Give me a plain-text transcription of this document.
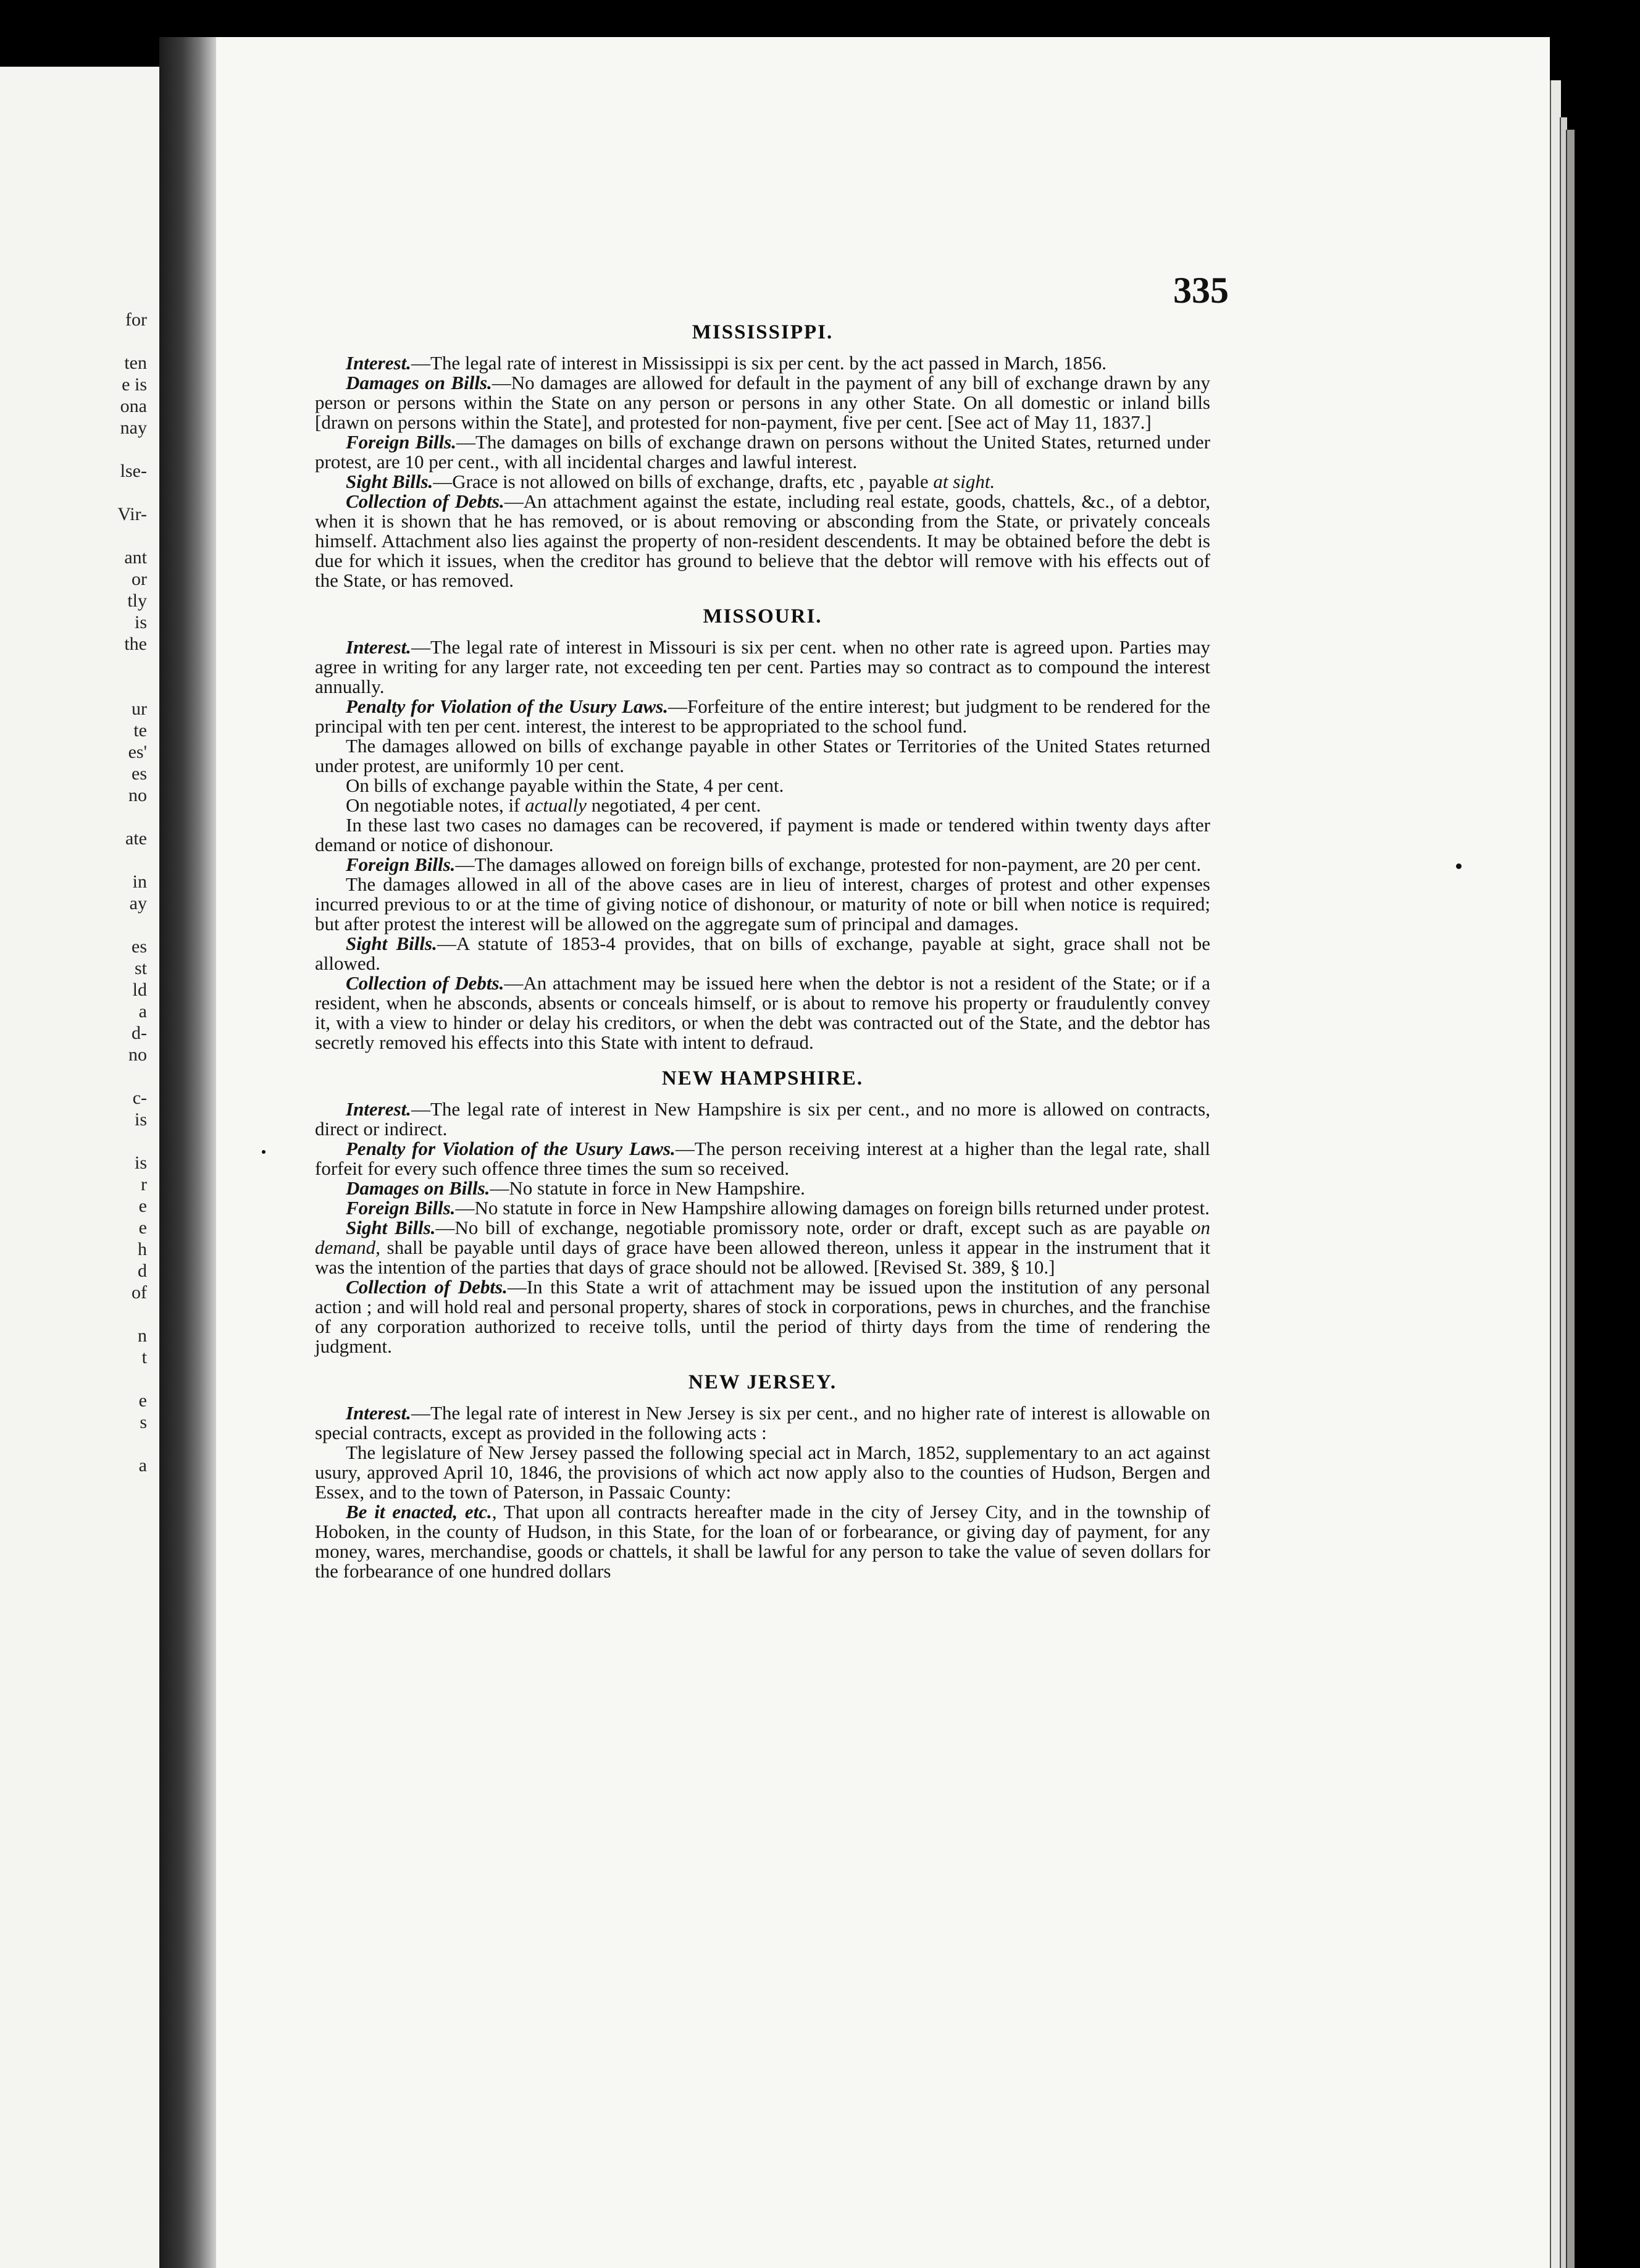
for
ten
e is
ona
nay
lse-
Vir-
ant
or
tly
is
the
ur
te
es'
es
no
ate
in
ay
es
st
ld
a
d-
no
c-
is
is
r
e
e
h
d
of
n
t
e
s
a
335
MISSISSIPPI.

Interest.—The legal rate of interest in Mississippi is six per cent. by the act passed in March, 1856.

Damages on Bills.—No damages are allowed for default in the payment of any bill of exchange drawn by any person or persons within the State on any person or persons in any other State. On all domestic or inland bills [drawn on persons within the State], and protested for non-payment, five per cent. [See act of May 11, 1837.]

Foreign Bills.—The damages on bills of exchange drawn on persons without the United States, returned under protest, are 10 per cent., with all incidental charges and lawful interest.

Sight Bills.—Grace is not allowed on bills of exchange, drafts, etc , payable at sight.

Collection of Debts.—An attachment against the estate, including real estate, goods, chattels, &c., of a debtor, when it is shown that he has removed, or is about removing or absconding from the State, or privately conceals himself. Attachment also lies against the property of non-resident descendents. It may be obtained before the debt is due for which it issues, when the creditor has ground to believe that the debtor will remove with his effects out of the State, or has removed.

MISSOURI.

Interest.—The legal rate of interest in Missouri is six per cent. when no other rate is agreed upon. Parties may agree in writing for any larger rate, not exceeding ten per cent. Parties may so contract as to compound the interest annually.

Penalty for Violation of the Usury Laws.—Forfeiture of the entire interest; but judgment to be rendered for the principal with ten per cent. interest, the interest to be appropriated to the school fund.

The damages allowed on bills of exchange payable in other States or Territories of the United States returned under protest, are uniformly 10 per cent.

On bills of exchange payable within the State, 4 per cent.

On negotiable notes, if actually negotiated, 4 per cent.

In these last two cases no damages can be recovered, if payment is made or tendered within twenty days after demand or notice of dishonour.

Foreign Bills.—The damages allowed on foreign bills of exchange, protested for non-payment, are 20 per cent.

The damages allowed in all of the above cases are in lieu of interest, charges of protest and other expenses incurred previous to or at the time of giving notice of dishonour, or maturity of note or bill when notice is required; but after protest the interest will be allowed on the aggregate sum of principal and damages.

Sight Bills.—A statute of 1853-4 provides, that on bills of exchange, payable at sight, grace shall not be allowed.

Collection of Debts.—An attachment may be issued here when the debtor is not a resident of the State; or if a resident, when he absconds, absents or conceals himself, or is about to remove his property or fraudulently convey it, with a view to hinder or delay his creditors, or when the debt was contracted out of the State, and the debtor has secretly removed his effects into this State with intent to defraud.

NEW HAMPSHIRE.

Interest.—The legal rate of interest in New Hampshire is six per cent., and no more is allowed on contracts, direct or indirect.

Penalty for Violation of the Usury Laws.—The person receiving interest at a higher than the legal rate, shall forfeit for every such offence three times the sum so received.

Damages on Bills.—No statute in force in New Hampshire.

Foreign Bills.—No statute in force in New Hampshire allowing damages on foreign bills returned under protest.

Sight Bills.—No bill of exchange, negotiable promissory note, order or draft, except such as are payable on demand, shall be payable until days of grace have been allowed thereon, unless it appear in the instrument that it was the intention of the parties that days of grace should not be allowed. [Revised St. 389, § 10.]

Collection of Debts.—In this State a writ of attachment may be issued upon the institution of any personal action ; and will hold real and personal property, shares of stock in corporations, pews in churches, and the franchise of any corporation authorized to receive tolls, until the period of thirty days from the time of rendering the judgment.

NEW JERSEY.

Interest.—The legal rate of interest in New Jersey is six per cent., and no higher rate of interest is allowable on special contracts, except as provided in the following acts :

The legislature of New Jersey passed the following special act in March, 1852, supplementary to an act against usury, approved April 10, 1846, the provisions of which act now apply also to the counties of Hudson, Bergen and Essex, and to the town of Paterson, in Passaic County:

Be it enacted, etc., That upon all contracts hereafter made in the city of Jersey City, and in the township of Hoboken, in the county of Hudson, in this State, for the loan of or forbearance, or giving day of payment, for any money, wares, merchandise, goods or chattels, it shall be lawful for any person to take the value of seven dollars for the forbearance of one hundred dollars
